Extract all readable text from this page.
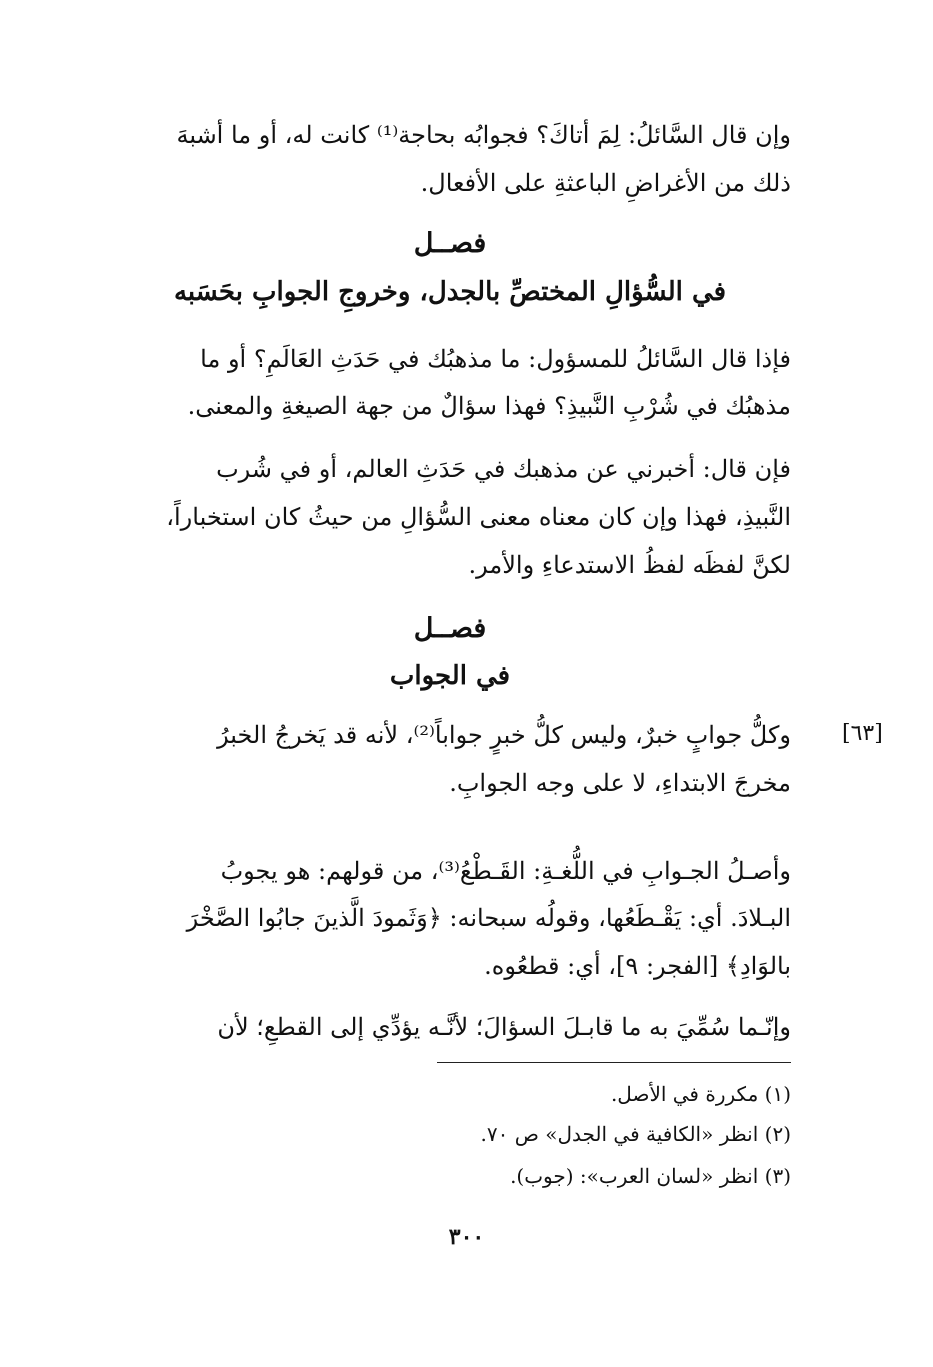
وإن قال السَّائلُ: لِمَ أتاكَ؟ فجوابُه بحاجة⁽¹⁾ كانت له، أو ما أشبهَ
ذلك من الأغراضِ الباعثةِ على الأفعال.
فصــل
في السُّؤالِ المختصِّ بالجدل، وخروجِ الجوابِ بحَسَبه
فإذا قال السَّائلُ للمسؤول: ما مذهبُك في حَدَثِ العَالَمِ؟ أو ما
مذهبُك في شُرْبِ النَّبيذِ؟ فهذا سؤالٌ من جهة الصيغةِ والمعنى.
فإن قال: أخبرني عن مذهبك في حَدَثِ العالم، أو في شُرب
النَّبيذِ، فهذا وإن كان معناه معنى السُّؤالِ من حيثُ كان استخباراً،
لكنَّ لفظَه لفظُ الاستدعاءِ والأمر.
فصــل
في الجواب
[٦٣]
وكلُّ جوابٍ خبرٌ، وليس كلُّ خبرٍ جواباً⁽²⁾، لأنه قد يَخرجُ الخبرُ
مخرجَ الابتداءِ، لا على وجه الجوابِ.
وأصـلُ الجـوابِ في اللُّغـةِ: القَـطْعُ⁽³⁾، من قولهم: هو يجوبُ
البـلادَ. أي: يَقْـطَعُها، وقولُه سبحانه: ﴿وَثَمودَ الَّذينَ جابُوا الصَّخْرَ
بالوَادِ﴾ [الفجر: ٩]، أي: قطعُوه.
وإنّـما سُمِّيَ به ما قابـلَ السؤالَ؛ لأنَّـه يؤدِّي إلى القطعِ؛ لأن
(١) مكررة في الأصل.
(٢) انظر «الكافية في الجدل» ص ٧٠.
(٣) انظر «لسان العرب»: (جوب).
٣٠٠
